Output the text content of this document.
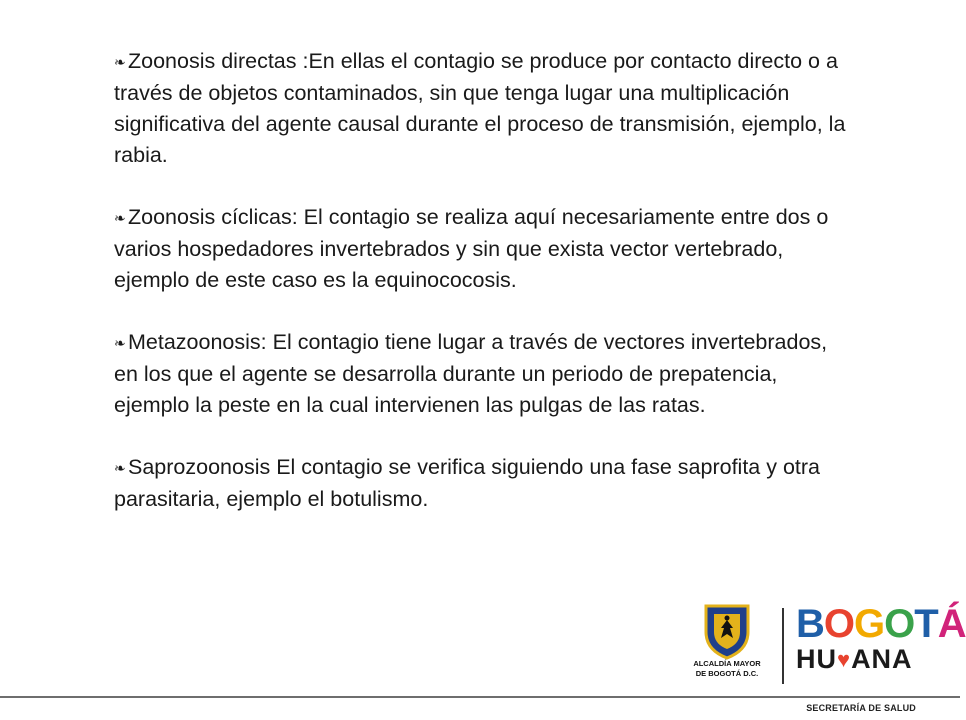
❧ Zoonosis directas :En ellas el contagio se produce por contacto directo o a través de objetos contaminados, sin que tenga lugar una multiplicación significativa del agente causal durante el proceso de transmisión, ejemplo, la rabia.

❧ Zoonosis cíclicas: El contagio se realiza aquí necesariamente entre dos o varios hospedadores invertebrados y sin que exista vector vertebrado, ejemplo de este caso es la equinococosis.

❧ Metazoonosis: El contagio tiene lugar a través de vectores invertebrados, en los que el agente se desarrolla durante un periodo de prepatencia, ejemplo la peste en la cual intervienen las pulgas de las ratas.

❧ Saprozoonosis El contagio se verifica siguiendo una fase saprofita y otra parasitaria, ejemplo el botulismo.

ALCALDÍA MAYOR
DE BOGOTÁ D.C.
BOGOTÁ
HU♥ANA
SECRETARÍA DE SALUD
